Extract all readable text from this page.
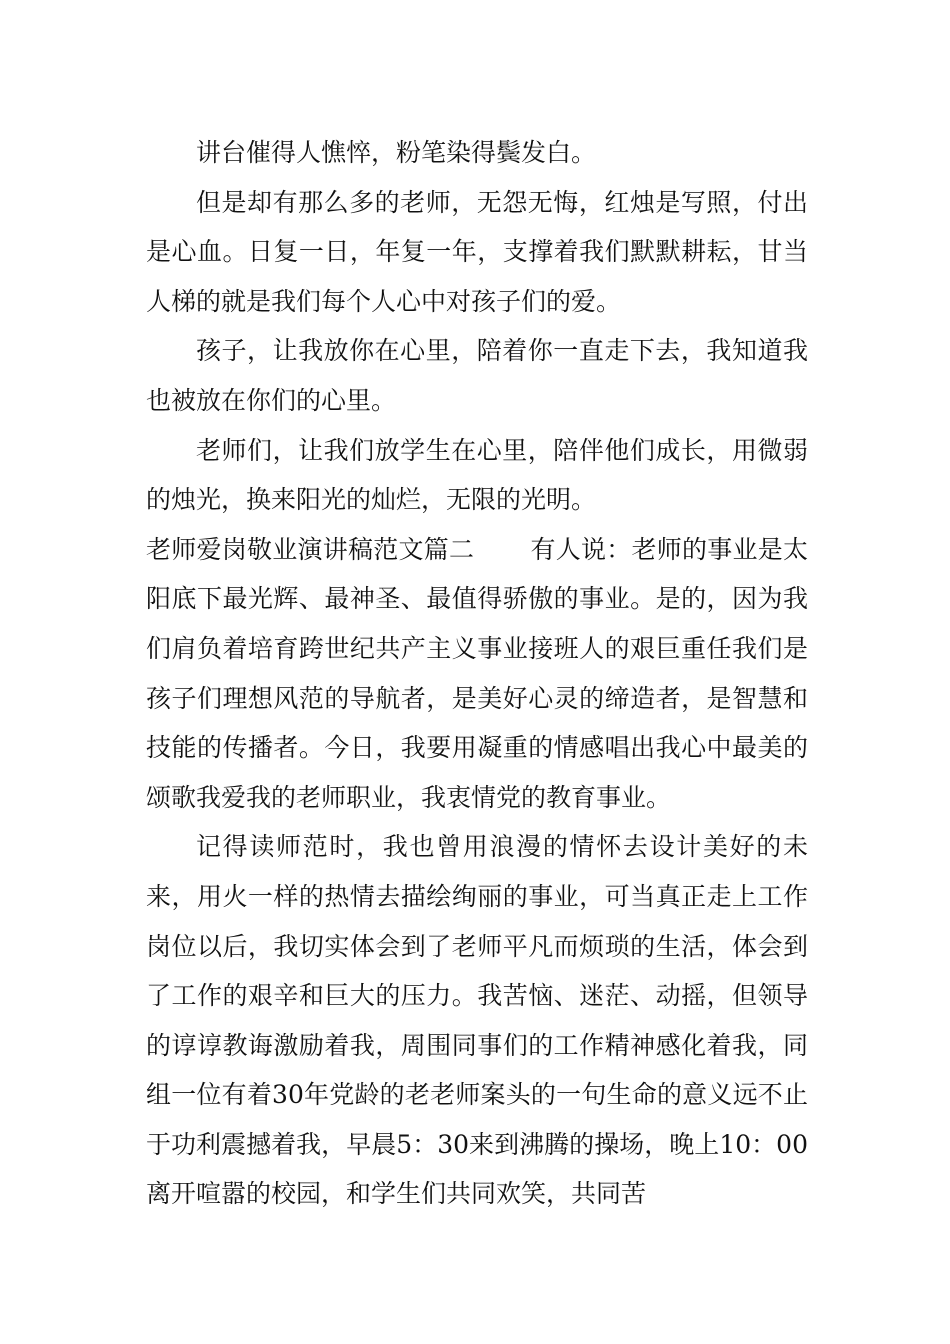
讲台催得人憔悴，粉笔染得鬓发白。

但是却有那么多的老师，无怨无悔，红烛是写照，付出是心血。日复一日，年复一年，支撑着我们默默耕耘，甘当人梯的就是我们每个人心中对孩子们的爱。

孩子，让我放你在心里，陪着你一直走下去，我知道我也被放在你们的心里。

老师们，让我们放学生在心里，陪伴他们成长，用微弱的烛光，换来阳光的灿烂，无限的光明。

老师爱岗敬业演讲稿范文篇二 有人说：老师的事业是太阳底下最光辉、最神圣、最值得骄傲的事业。是的，因为我们肩负着培育跨世纪共产主义事业接班人的艰巨重任我们是孩子们理想风范的导航者，是美好心灵的缔造者，是智慧和技能的传播者。今日，我要用凝重的情感唱出我心中最美的颂歌我爱我的老师职业，我衷情党的教育事业。

记得读师范时，我也曾用浪漫的情怀去设计美好的未来，用火一样的热情去描绘绚丽的事业，可当真正走上工作岗位以后，我切实体会到了老师平凡而烦琐的生活，体会到了工作的艰辛和巨大的压力。我苦恼、迷茫、动摇，但领导的谆谆教诲激励着我，周围同事们的工作精神感化着我，同组一位有着30年党龄的老老师案头的一句生命的意义远不止于功利震撼着我，早晨5：30来到沸腾的操场，晚上10：00离开喧嚣的校园，和学生们共同欢笑，共同苦
